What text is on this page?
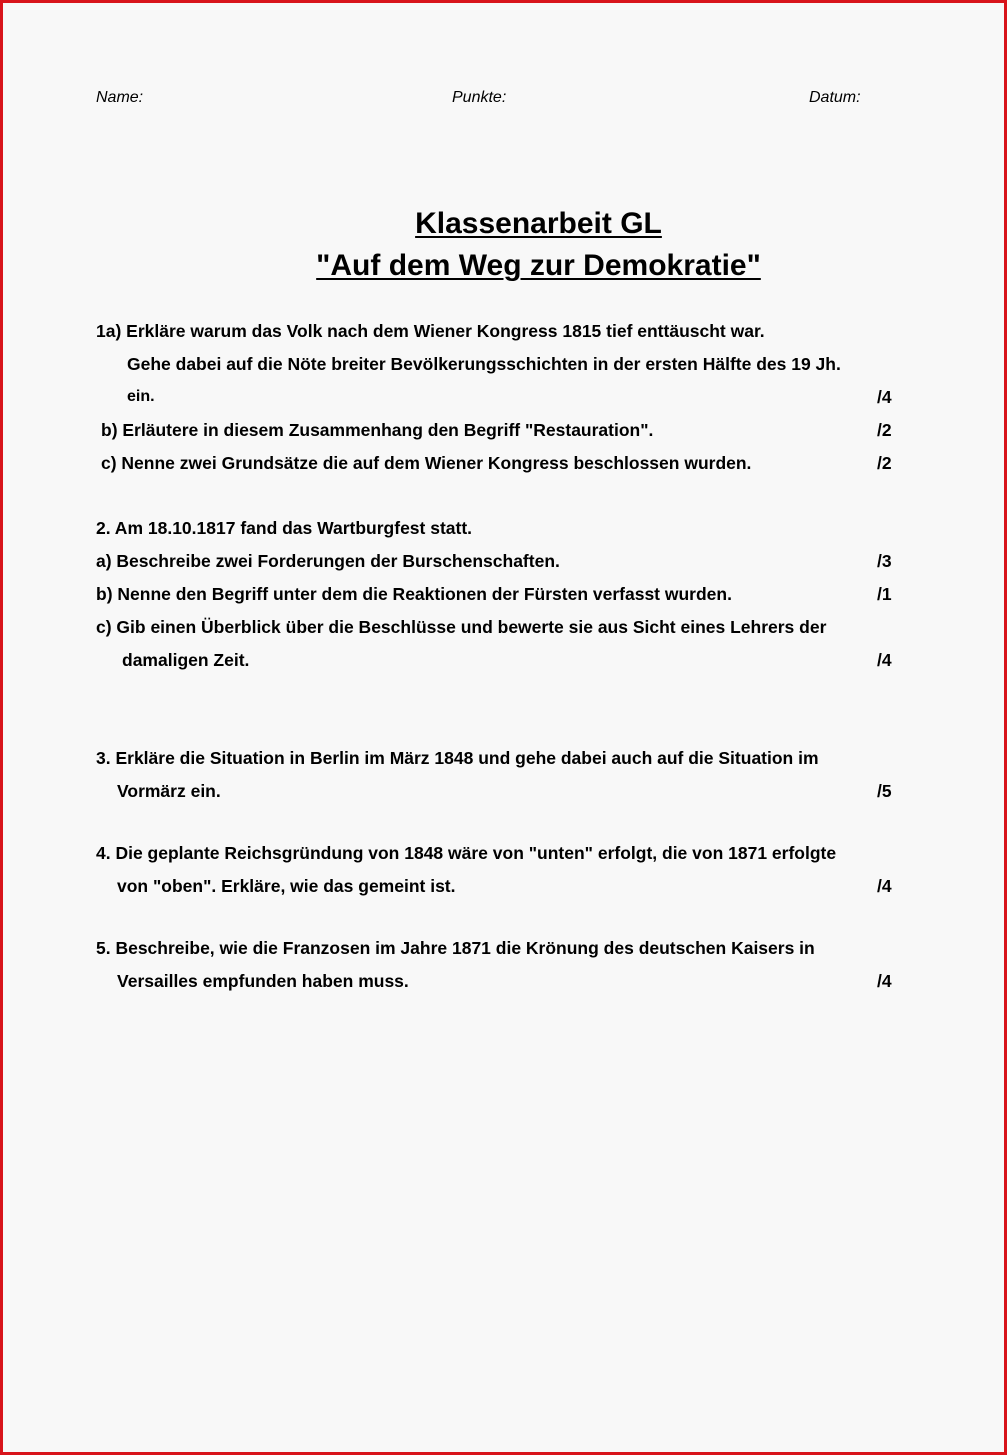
Name:	Punkte:	Datum:
Klassenarbeit GL
"Auf dem Weg zur Demokratie"
1a) Erkläre warum das Volk nach dem Wiener Kongress 1815 tief enttäuscht war.
Gehe dabei auf die Nöte breiter Bevölkerungsschichten in der ersten Hälfte des 19 Jh.
ein.	/4
b) Erläutere in diesem Zusammenhang den Begriff "Restauration".	/2
c) Nenne zwei Grundsätze die auf dem Wiener Kongress beschlossen wurden.	/2
2. Am 18.10.1817 fand das Wartburgfest statt.
a) Beschreibe zwei Forderungen der Burschenschaften.	/3
b) Nenne den Begriff unter dem die Reaktionen der Fürsten verfasst wurden.	/1
c) Gib einen Überblick über die Beschlüsse und bewerte sie aus Sicht eines Lehrers der
damaligen Zeit.	/4
3. Erkläre die Situation in Berlin im März 1848 und gehe dabei auch auf die Situation im
Vormärz ein.	/5
4. Die geplante Reichsgründung von 1848 wäre von "unten" erfolgt, die von 1871 erfolgte
von "oben". Erkläre, wie das gemeint ist.	/4
5. Beschreibe, wie die Franzosen im Jahre 1871 die Krönung des deutschen Kaisers in
Versailles empfunden haben muss.	/4
